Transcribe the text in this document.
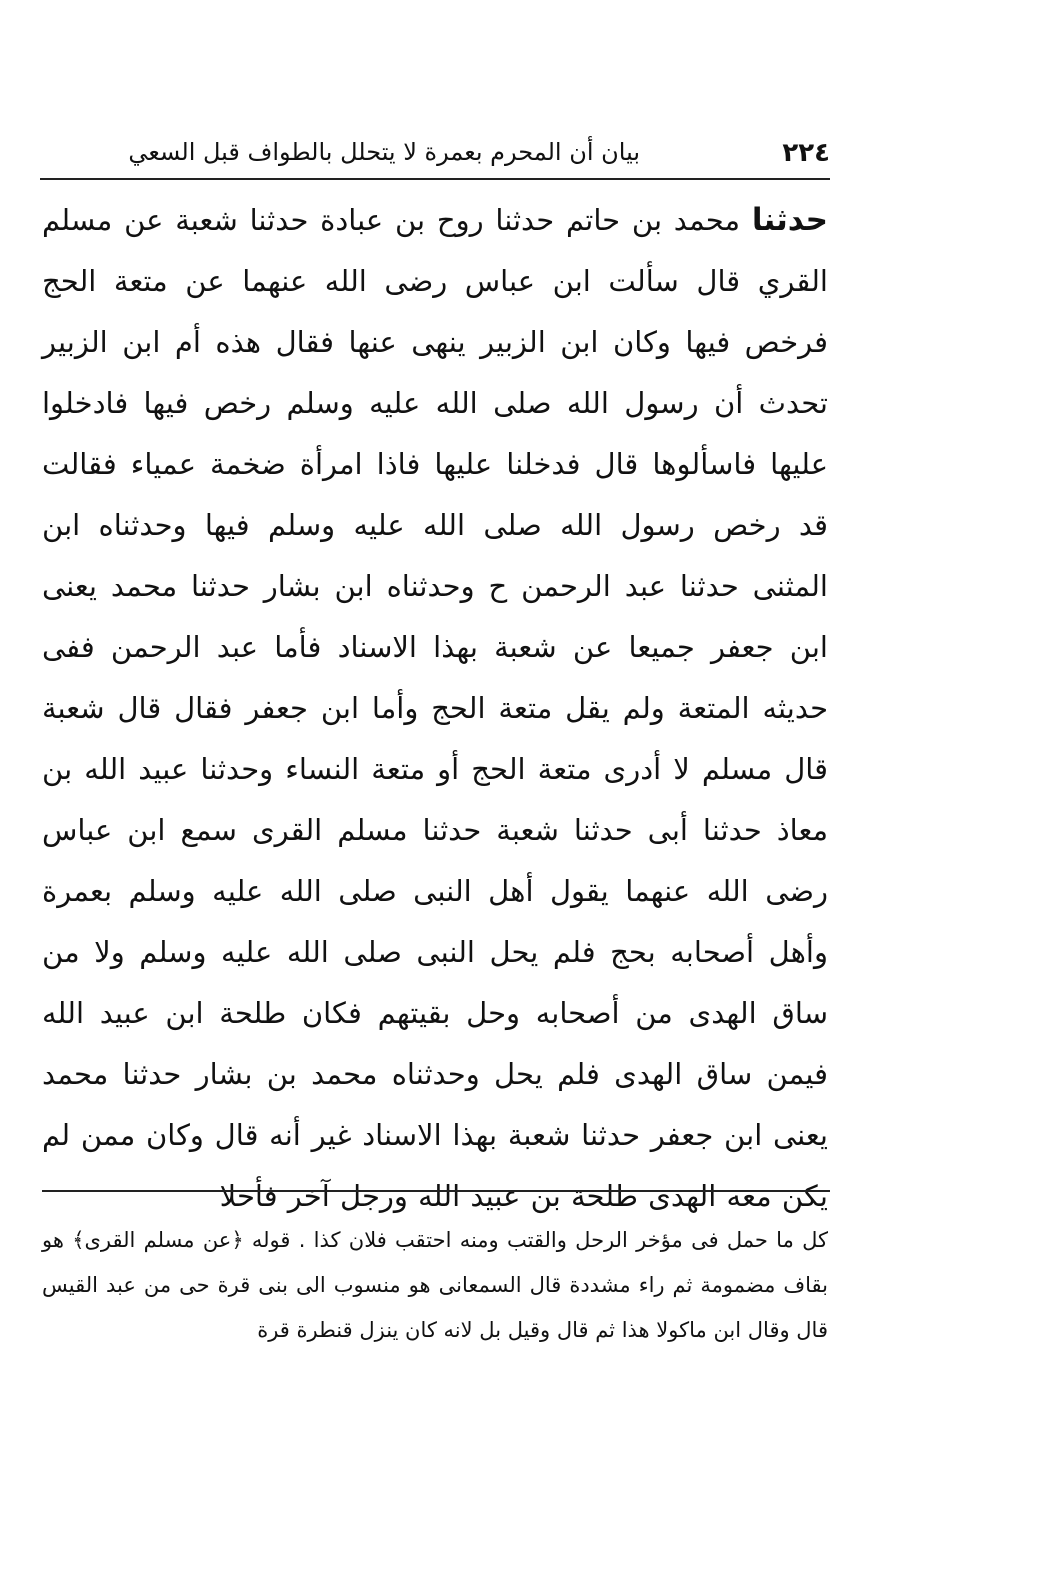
٢٢٤
بيان أن المحرم بعمرة لا يتحلل بالطواف قبل السعي
حدثنا محمد بن حاتم حدثنا روح بن عبادة حدثنا شعبة عن مسلم القري قال سألت ابن عباس رضى الله عنهما عن متعة الحج فرخص فيها وكان ابن الزبير ينهى عنها فقال هذه أم ابن الزبير تحدث أن رسول الله صلى الله عليه وسلم رخص فيها فادخلوا عليها فاسألوها قال فدخلنا عليها فاذا امرأة ضخمة عمياء فقالت قد رخص رسول الله صلى الله عليه وسلم فيها وحدثناه ابن المثنى حدثنا عبد الرحمن ح وحدثناه ابن بشار حدثنا محمد يعنى ابن جعفر جميعا عن شعبة بهذا الاسناد فأما عبد الرحمن ففى حديثه المتعة ولم يقل متعة الحج وأما ابن جعفر فقال قال شعبة قال مسلم لا أدرى متعة الحج أو متعة النساء وحدثنا عبيد الله بن معاذ حدثنا أبى حدثنا شعبة حدثنا مسلم القرى سمع ابن عباس رضى الله عنهما يقول أهل النبى صلى الله عليه وسلم بعمرة وأهل أصحابه بحج فلم يحل النبى صلى الله عليه وسلم ولا من ساق الهدى من أصحابه وحل بقيتهم فكان طلحة ابن عبيد الله فيمن ساق الهدى فلم يحل وحدثناه محمد بن بشار حدثنا محمد يعنى ابن جعفر حدثنا شعبة بهذا الاسناد غير أنه قال وكان ممن لم يكن معه الهدى طلحة بن عبيد الله ورجل آخر فأحلا
كل ما حمل فى مؤخر الرحل والقتب ومنه احتقب فلان كذا . قوله ﴿عن مسلم القرى﴾ هو بقاف مضمومة ثم راء مشددة قال السمعانى هو منسوب الى بنى قرة حى من عبد القيس قال وقال ابن ماكولا هذا ثم قال وقيل بل لانه كان ينزل قنطرة قرة
